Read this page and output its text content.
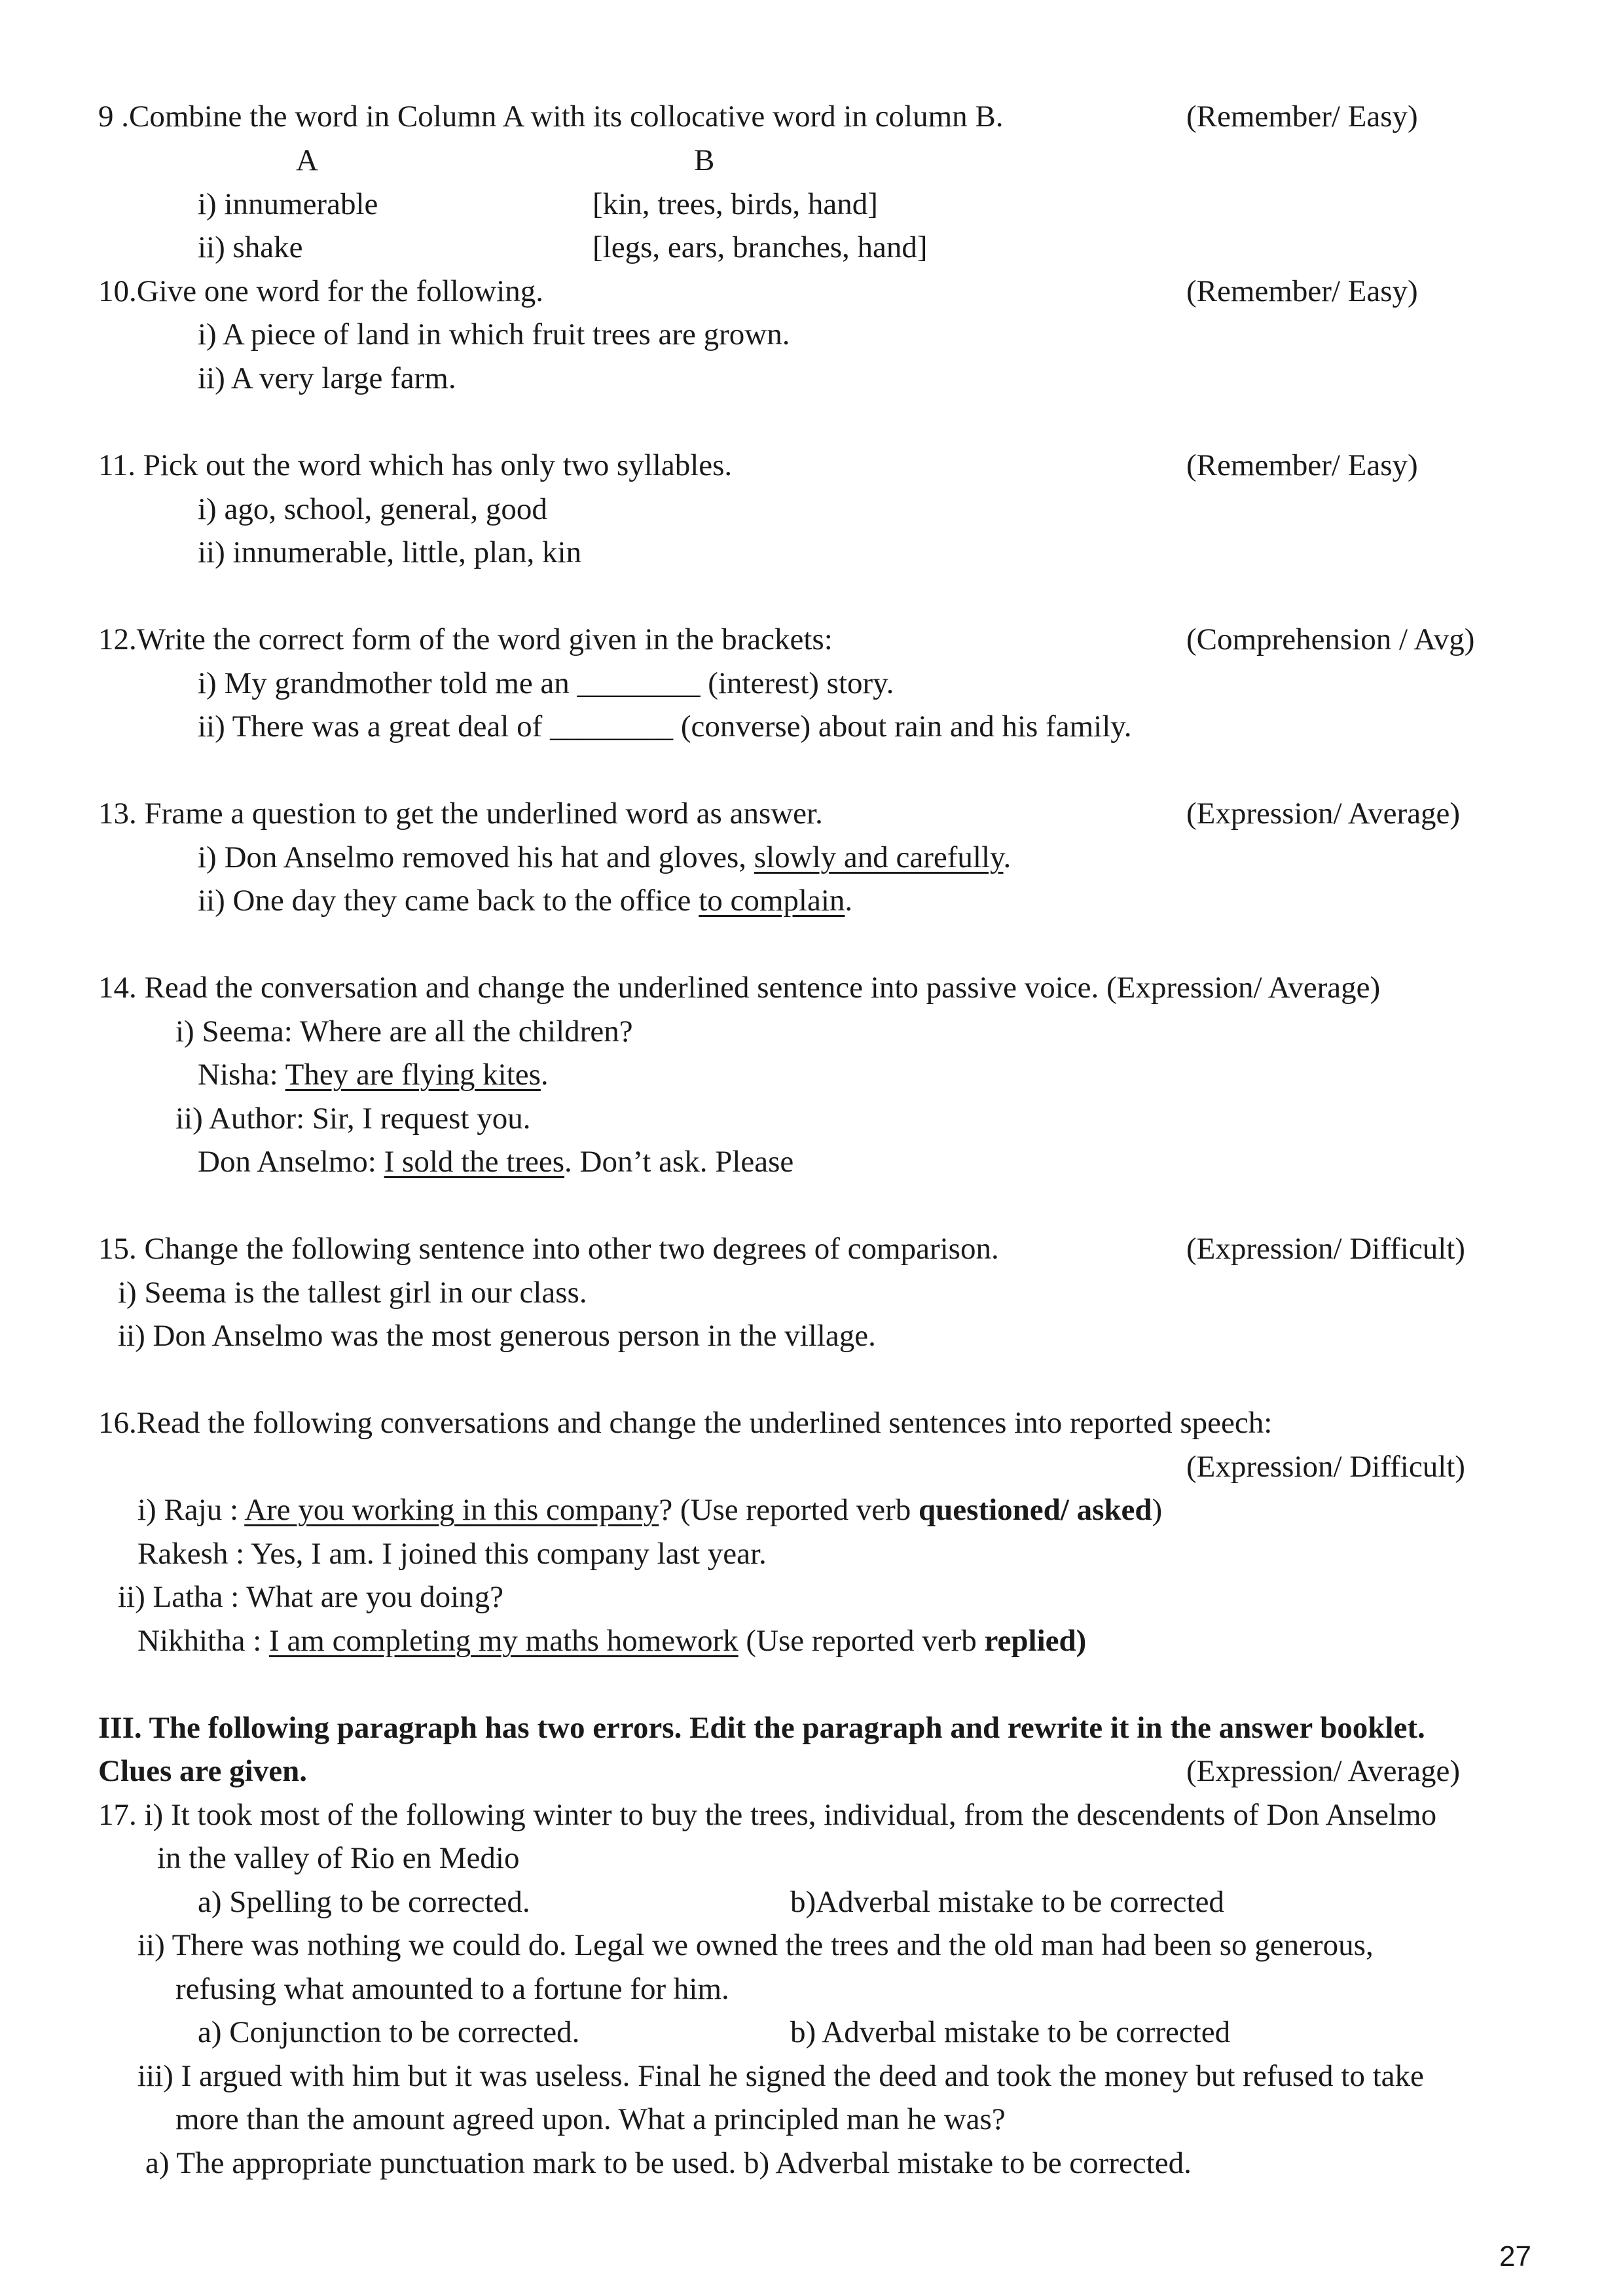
9 .Combine the word in Column A with its collocative word in column B.	(Remember/ Easy)

A	B

i) innumerable	[kin, trees, birds, hand]

ii) shake	[legs, ears, branches, hand]

10.Give one word for the following.	(Remember/ Easy)

i) A piece of land in which fruit trees are grown.

ii) A very large farm.

11. Pick out the word which has only two syllables.	(Remember/ Easy)

i) ago, school, general, good

ii) innumerable, little, plan, kin

12.Write the correct form of the word given in the brackets:	(Comprehension / Avg)

i) My grandmother told me an ________ (interest) story.

ii) There was a great deal of ________ (converse) about rain and his family.

13. Frame a question to get the underlined word as answer.	(Expression/ Average)

i) Don Anselmo removed his hat and gloves, slowly and carefully.

ii) One day they came back to the office to complain.

14. Read the conversation and change the underlined sentence into passive voice. (Expression/ Average)

i) Seema: Where are all the children?

Nisha: They are flying kites.

ii) Author: Sir, I request you.

Don Anselmo: I sold the trees. Don’t ask. Please

15. Change the following sentence into other two degrees of comparison.	(Expression/ Difficult)

i) Seema is the tallest girl in our class.

ii) Don Anselmo was the most generous person in the village.

16.Read the following conversations and change the underlined sentences into reported speech:

(Expression/ Difficult)

i) Raju : Are you working in this company? (Use reported verb questioned/ asked)

Rakesh : Yes, I am. I joined this company last year.

ii) Latha : What are you doing?

Nikhitha : I am completing my maths homework (Use reported verb replied)

III. The following paragraph has two errors. Edit the paragraph and rewrite it in the answer booklet.

Clues are given.	(Expression/ Average)

17. i) It took most of the following winter to buy the trees, individual, from the descendents of Don Anselmo

in the valley of Rio en Medio

a) Spelling to be corrected.	b)Adverbal mistake to be corrected

ii) There was nothing we could do. Legal we owned the trees and the old man had been so generous,

refusing what amounted to a fortune for him.

a) Conjunction to be corrected.	b) Adverbal mistake to be corrected

iii) I argued with him but it was useless. Final he signed the deed and took the money but refused to take

more than the amount agreed upon. What a principled man he was?

a) The appropriate punctuation mark to be used. b) Adverbal mistake to be corrected.

27
